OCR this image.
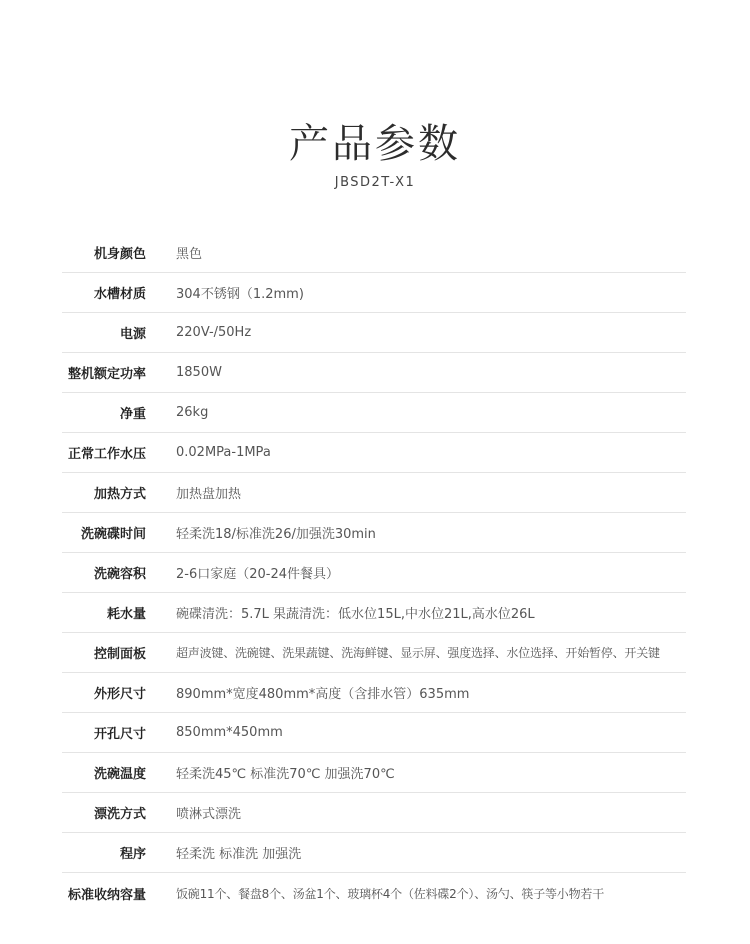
产品参数
JBSD2T-X1
机身颜色 黑色
水槽材质 304不锈钢（1.2mm)
电源 220V-/50Hz
整机额定功率 1850W
净重 26kg
正常工作水压 0.02MPa-1MPa
加热方式 加热盘加热
洗碗碟时间 轻柔洗18/标准洗26/加强洗30min
洗碗容积 2-6口家庭（20-24件餐具）
耗水量 碗碟清洗：5.7L 果蔬清洗：低水位15L,中水位21L,高水位26L
控制面板	超声波键、洗碗键、洗果蔬键、洗海鲜键、显示屏、强度选择、水位选择、开始暂停、开关键
外形尺寸 890mm*宽度480mm*高度（含排水管）635mm
开孔尺寸 850mm*450mm
洗碗温度 轻柔洗45℃ 标准洗70℃ 加强洗70℃
漂洗方式 喷淋式漂洗
程序 轻柔洗 标准洗 加强洗
标准收纳容量	饭碗11个、餐盘8个、汤盆1个、玻璃杯4个（佐料碟2个）、汤勺、筷子等小物若干
